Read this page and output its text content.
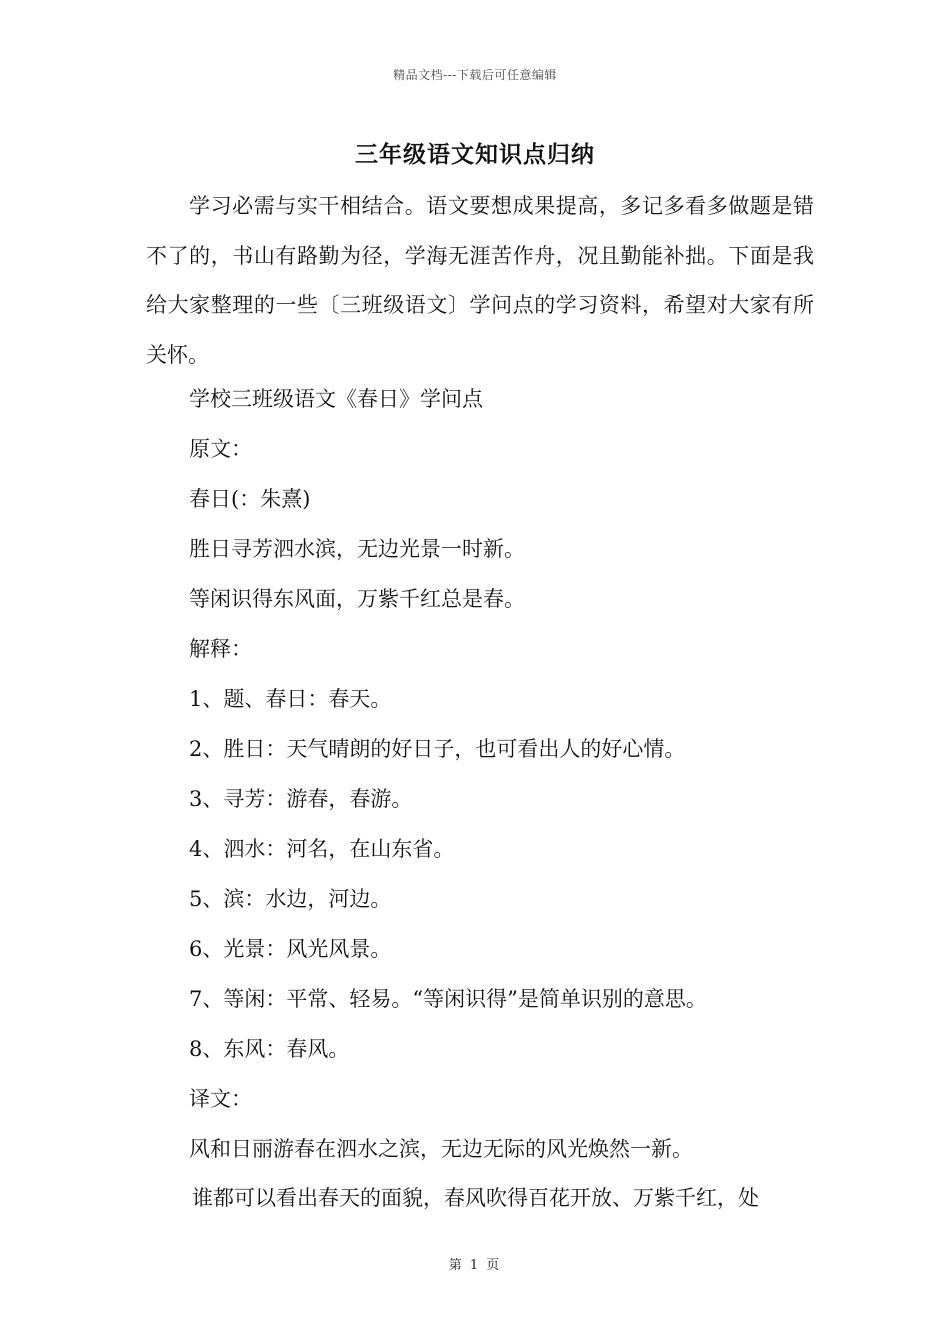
精品文档---下载后可任意编辑
三年级语文知识点归纳
学习必需与实干相结合。语文要想成果提高，多记多看多做题是错不了的，书山有路勤为径，学海无涯苦作舟，况且勤能补拙。下面是我给大家整理的一些〔三班级语文〕学问点的学习资料，希望对大家有所关怀。
学校三班级语文《春日》学问点
原文：
春日(：朱熹)
胜日寻芳泗水滨，无边光景一时新。
等闲识得东风面，万紫千红总是春。
解释：
1、题、春日：春天。
2、胜日：天气晴朗的好日子，也可看出人的好心情。
3、寻芳：游春，春游。
4、泗水：河名，在山东省。
5、滨：水边，河边。
6、光景：风光风景。
7、等闲：平常、轻易。“等闲识得”是简单识别的意思。
8、东风：春风。
译文：
风和日丽游春在泗水之滨，无边无际的风光焕然一新。
谁都可以看出春天的面貌，春风吹得百花开放、万紫千红，处
第 1 页
